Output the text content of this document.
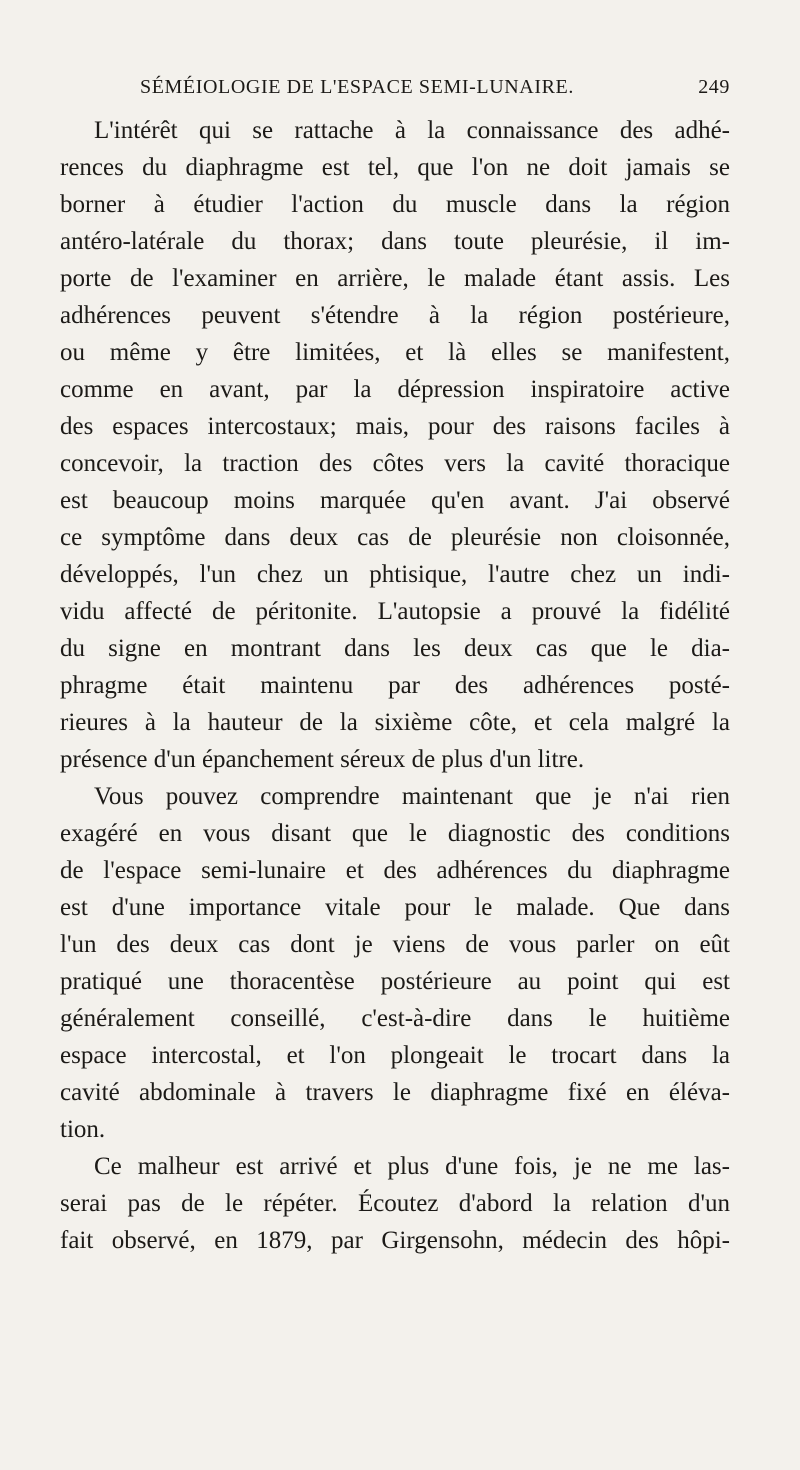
SÉMÉIOLOGIE DE L'ESPACE SEMI-LUNAIRE.	249
L'intérêt qui se rattache à la connaissance des adhé-
rences du diaphragme est tel, que l'on ne doit jamais se
borner à étudier l'action du muscle dans la région
antéro-latérale du thorax; dans toute pleurésie, il im-
porte de l'examiner en arrière, le malade étant assis. Les
adhérences peuvent s'étendre à la région postérieure,
ou même y être limitées, et là elles se manifestent,
comme en avant, par la dépression inspiratoire active
des espaces intercostaux; mais, pour des raisons faciles à
concevoir, la traction des côtes vers la cavité thoracique
est beaucoup moins marquée qu'en avant. J'ai observé
ce symptôme dans deux cas de pleurésie non cloisonnée,
développés, l'un chez un phtisique, l'autre chez un indi-
vidu affecté de péritonite. L'autopsie a prouvé la fidélité
du signe en montrant dans les deux cas que le dia-
phragme était maintenu par des adhérences posté-
rieures à la hauteur de la sixième côte, et cela malgré la
présence d'un épanchement séreux de plus d'un litre.
Vous pouvez comprendre maintenant que je n'ai rien
exagéré en vous disant que le diagnostic des conditions
de l'espace semi-lunaire et des adhérences du diaphragme
est d'une importance vitale pour le malade. Que dans
l'un des deux cas dont je viens de vous parler on eût
pratiqué une thoracentèse postérieure au point qui est
généralement conseillé, c'est-à-dire dans le huitième
espace intercostal, et l'on plongeait le trocart dans la
cavité abdominale à travers le diaphragme fixé en éléva-
tion.
Ce malheur est arrivé et plus d'une fois, je ne me las-
serai pas de le répéter. Écoutez d'abord la relation d'un
fait observé, en 1879, par Girgensohn, médecin des hôpi-
